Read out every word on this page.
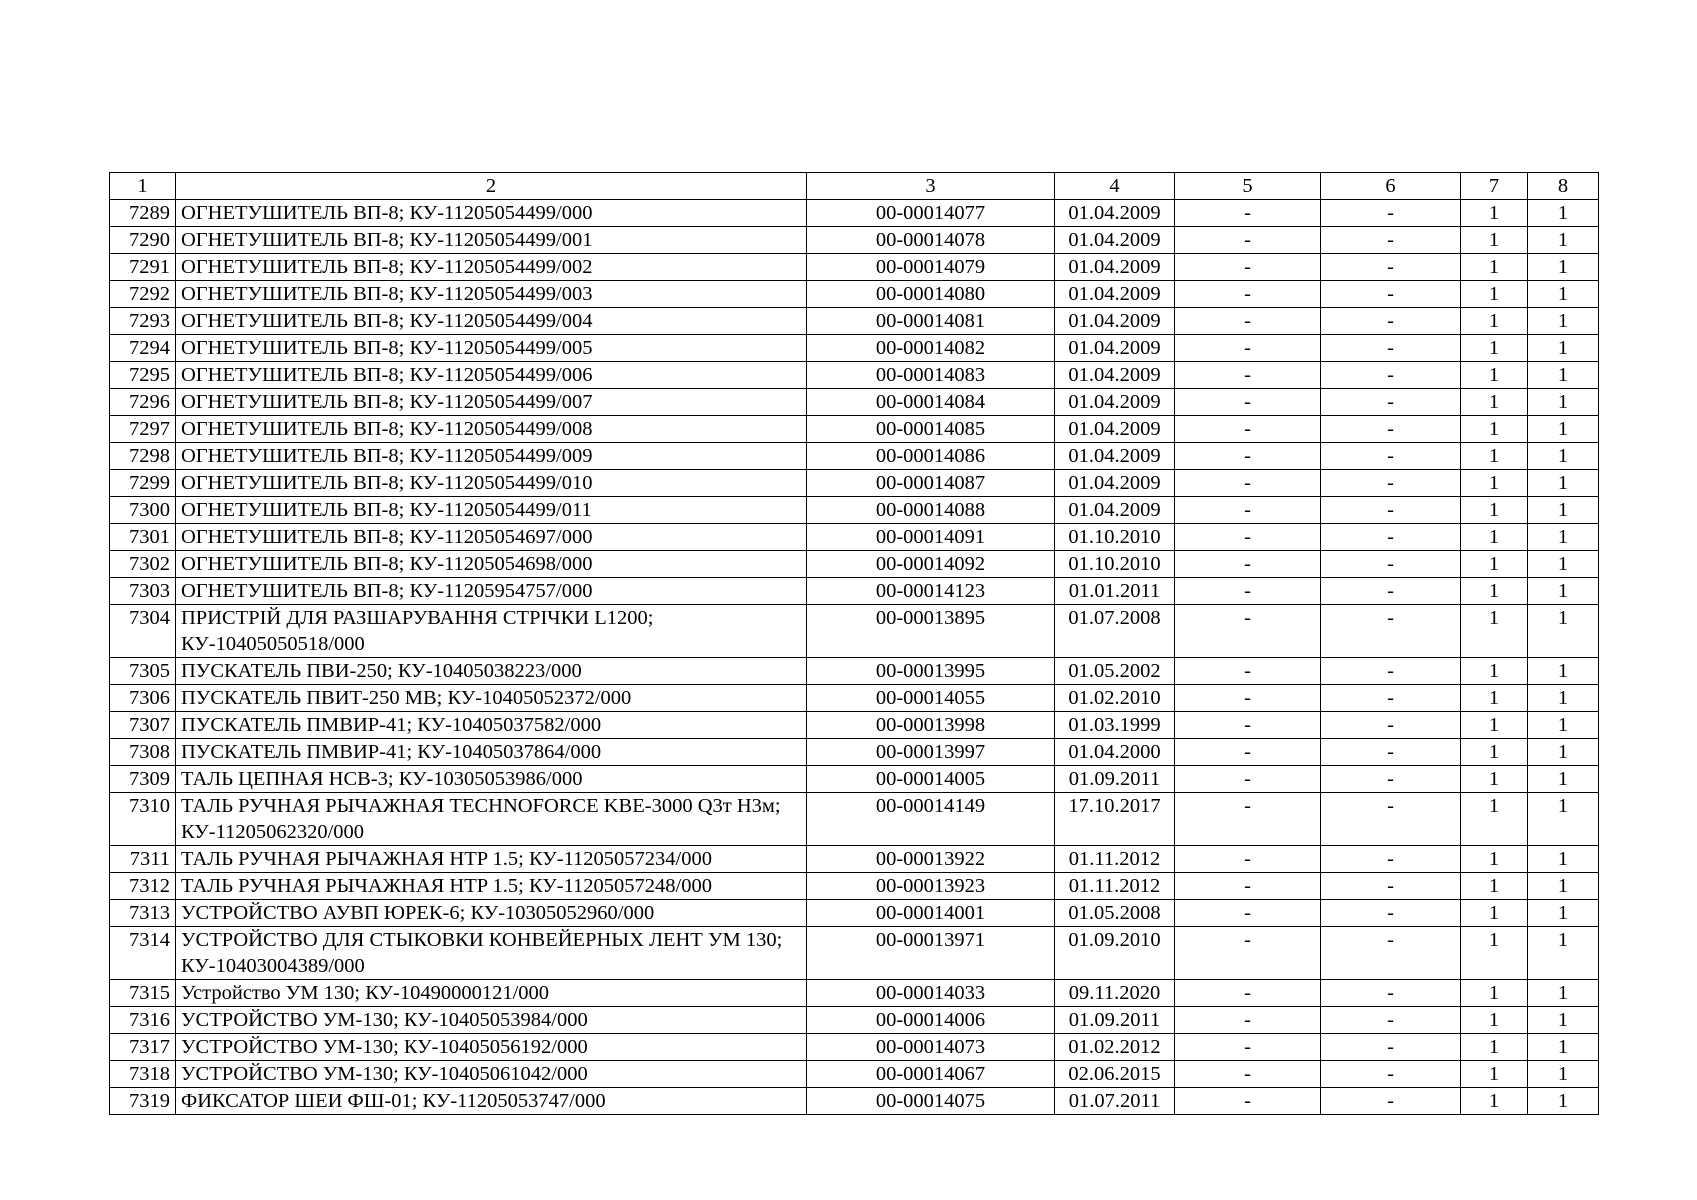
1	2	3	4	5	6	7	8
7289	ОГНЕТУШИТЕЛЬ ВП-8; КУ-11205054499/000	00-00014077	01.04.2009	-	-	1	1
7290	ОГНЕТУШИТЕЛЬ ВП-8; КУ-11205054499/001	00-00014078	01.04.2009	-	-	1	1
7291	ОГНЕТУШИТЕЛЬ ВП-8; КУ-11205054499/002	00-00014079	01.04.2009	-	-	1	1
7292	ОГНЕТУШИТЕЛЬ ВП-8; КУ-11205054499/003	00-00014080	01.04.2009	-	-	1	1
7293	ОГНЕТУШИТЕЛЬ ВП-8; КУ-11205054499/004	00-00014081	01.04.2009	-	-	1	1
7294	ОГНЕТУШИТЕЛЬ ВП-8; КУ-11205054499/005	00-00014082	01.04.2009	-	-	1	1
7295	ОГНЕТУШИТЕЛЬ ВП-8; КУ-11205054499/006	00-00014083	01.04.2009	-	-	1	1
7296	ОГНЕТУШИТЕЛЬ ВП-8; КУ-11205054499/007	00-00014084	01.04.2009	-	-	1	1
7297	ОГНЕТУШИТЕЛЬ ВП-8; КУ-11205054499/008	00-00014085	01.04.2009	-	-	1	1
7298	ОГНЕТУШИТЕЛЬ ВП-8; КУ-11205054499/009	00-00014086	01.04.2009	-	-	1	1
7299	ОГНЕТУШИТЕЛЬ ВП-8; КУ-11205054499/010	00-00014087	01.04.2009	-	-	1	1
7300	ОГНЕТУШИТЕЛЬ ВП-8; КУ-11205054499/011	00-00014088	01.04.2009	-	-	1	1
7301	ОГНЕТУШИТЕЛЬ ВП-8; КУ-11205054697/000	00-00014091	01.10.2010	-	-	1	1
7302	ОГНЕТУШИТЕЛЬ ВП-8; КУ-11205054698/000	00-00014092	01.10.2010	-	-	1	1
7303	ОГНЕТУШИТЕЛЬ ВП-8; КУ-11205954757/000	00-00014123	01.01.2011	-	-	1	1
7304	ПРИСТРІЙ ДЛЯ РАЗШАРУВАННЯ СТРІЧКИ L1200; КУ-10405050518/000	00-00013895	01.07.2008	-	-	1	1
7305	ПУСКАТЕЛЬ ПВИ-250; КУ-10405038223/000	00-00013995	01.05.2002	-	-	1	1
7306	ПУСКАТЕЛЬ ПВИТ-250 МВ; КУ-10405052372/000	00-00014055	01.02.2010	-	-	1	1
7307	ПУСКАТЕЛЬ ПМВИР-41; КУ-10405037582/000	00-00013998	01.03.1999	-	-	1	1
7308	ПУСКАТЕЛЬ ПМВИР-41; КУ-10405037864/000	00-00013997	01.04.2000	-	-	1	1
7309	ТАЛЬ ЦЕПНАЯ НСВ-3; КУ-10305053986/000	00-00014005	01.09.2011	-	-	1	1
7310	ТАЛЬ РУЧНАЯ РЫЧАЖНАЯ TECHNOFORCE KBE-3000 Q3т H3м; КУ-11205062320/000	00-00014149	17.10.2017	-	-	1	1
7311	ТАЛЬ РУЧНАЯ РЫЧАЖНАЯ HTP 1.5; КУ-11205057234/000	00-00013922	01.11.2012	-	-	1	1
7312	ТАЛЬ РУЧНАЯ РЫЧАЖНАЯ HTP 1.5; КУ-11205057248/000	00-00013923	01.11.2012	-	-	1	1
7313	УСТРОЙСТВО АУВП ЮРЕК-6; КУ-10305052960/000	00-00014001	01.05.2008	-	-	1	1
7314	УСТРОЙСТВО ДЛЯ СТЫКОВКИ КОНВЕЙЕРНЫХ ЛЕНТ УМ 130; КУ-10403004389/000	00-00013971	01.09.2010	-	-	1	1
7315	Устройство УМ 130; КУ-10490000121/000	00-00014033	09.11.2020	-	-	1	1
7316	УСТРОЙСТВО УМ-130; КУ-10405053984/000	00-00014006	01.09.2011	-	-	1	1
7317	УСТРОЙСТВО УМ-130; КУ-10405056192/000	00-00014073	01.02.2012	-	-	1	1
7318	УСТРОЙСТВО УМ-130; КУ-10405061042/000	00-00014067	02.06.2015	-	-	1	1
7319	ФИКСАТОР ШЕИ ФШ-01; КУ-11205053747/000	00-00014075	01.07.2011	-	-	1	1
